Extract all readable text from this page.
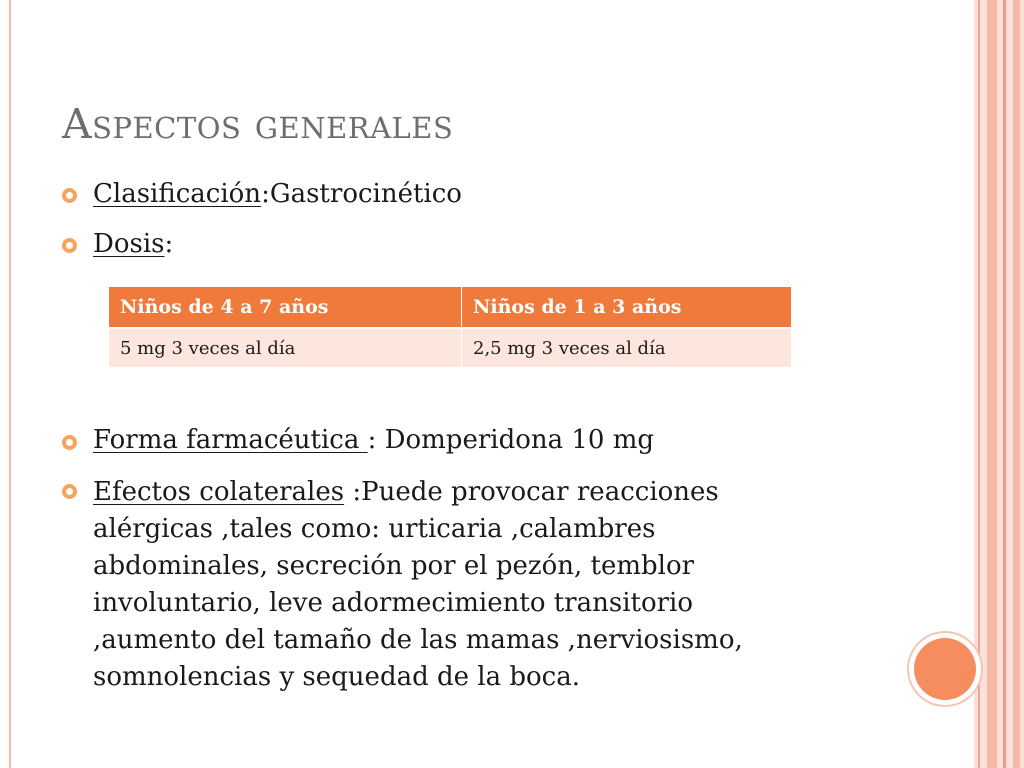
Aspectos generales
Clasificación:Gastrocinético
Dosis:
Niños de 4 a 7 años	Niños de 1 a 3 años
5 mg 3 veces al día	2,5 mg 3 veces al día
Forma farmacéutica : Domperidona 10 mg
Efectos colaterales :Puede provocar reacciones
alérgicas ,tales como: urticaria ,calambres
abdominales, secreción por el pezón, temblor
involuntario, leve adormecimiento transitorio
,aumento del tamaño de las mamas ,nerviosismo,
somnolencias y sequedad de la boca.
